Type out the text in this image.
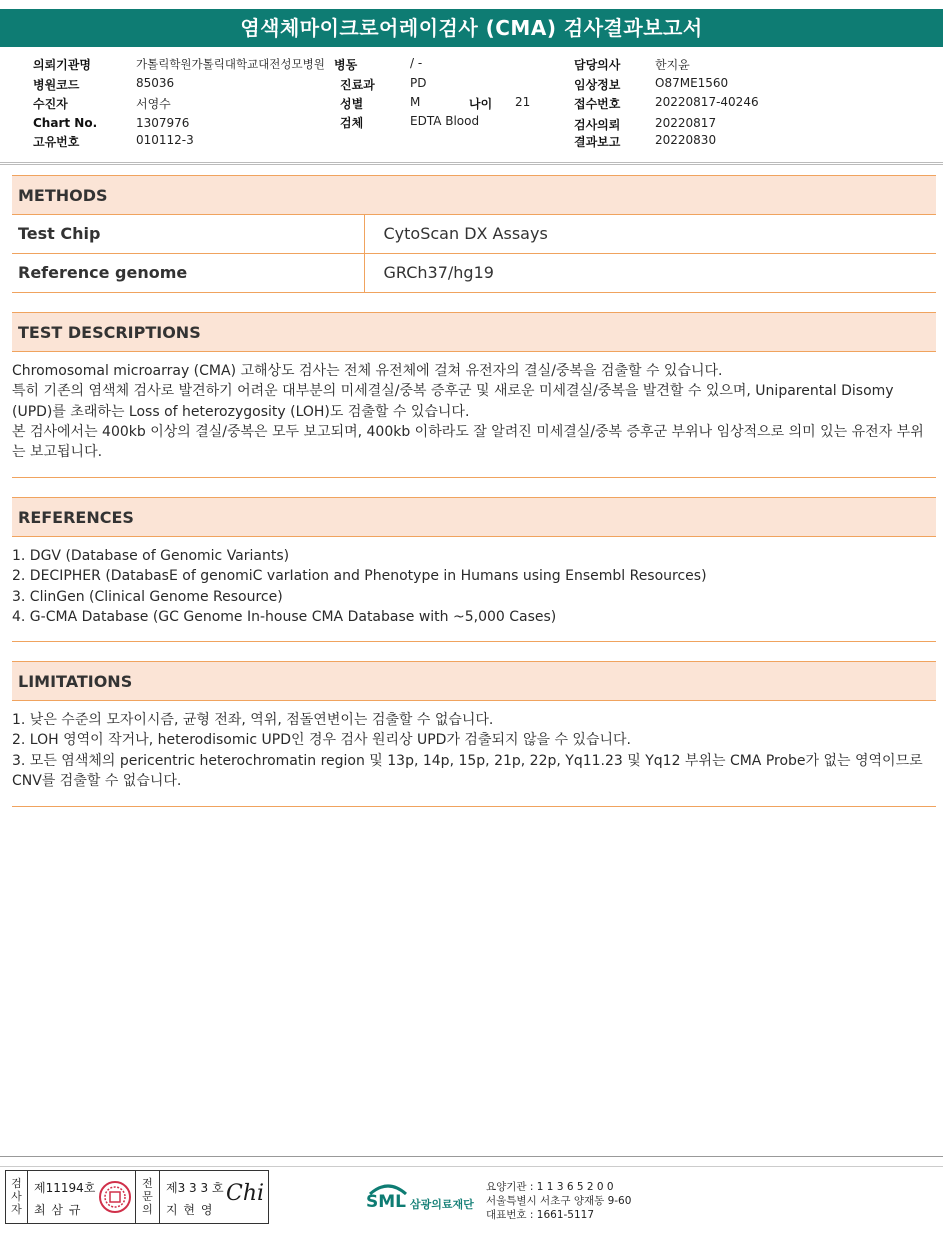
염색체마이크로어레이검사 (CMA) 검사결과보고서
의뢰기관명	가톨릭학원가톨릭대학교대전성모병원 병동	/ -	담당의사	한지윤
병원코드	85036	진료과	PD	임상정보	O87ME1560
수진자	서영수	성별	M	나이 21	접수번호	20220817-40246
Chart No.	1307976	검체	EDTA Blood	검사의뢰	20220817
고유번호	010112-3	결과보고	20220830
METHODS
Test Chip	CytoScan DX Assays
Reference genome	GRCh37/hg19
TEST DESCRIPTIONS

Chromosomal microarray (CMA) 고해상도 검사는 전체 유전체에 걸쳐 유전자의 결실/중복을 검출할 수 있습니다.

특히 기존의 염색체 검사로 발견하기 어려운 대부분의 미세결실/중복 증후군 및 새로운 미세결실/중복을 발견할 수 있으며, Uniparental Disomy (UPD)를 초래하는 Loss of heterozygosity (LOH)도 검출할 수 있습니다.

본 검사에서는 400kb 이상의 결실/중복은 모두 보고되며, 400kb 이하라도 잘 알려진 미세결실/중복 증후군 부위나 임상적으로 의미 있는 유전자 부위는 보고됩니다.

REFERENCES

1. DGV (Database of Genomic Variants)

2. DECIPHER (DatabasE of genomiC varIation and Phenotype in Humans using Ensembl Resources)

3. ClinGen (Clinical Genome Resource)

4. G-CMA Database (GC Genome In-house CMA Database with ~5,000 Cases)

LIMITATIONS

1. 낮은 수준의 모자이시즘, 균형 전좌, 역위, 점돌연변이는 검출할 수 없습니다.

2. LOH 영역이 작거나, heterodisomic UPD인 경우 검사 원리상 UPD가 검출되지 않을 수 있습니다.

3. 모든 염색체의 pericentric heterochromatin region 및 13p, 14p, 15p, 21p, 22p, Yq11.23 및 Yq12 부위는 CMA Probe가 없는 영역이므로 CNV를 검출할 수 없습니다.

검사자
제11194호
최 삼 규
전문의
제3 3 3 호
지 현 영
Chi	SML 삼광의료재단
요양기관 : 1 1 3 6 5 2 0 0
서울특별시 서초구 양재동 9-60
대표번호 : 1661-5117
